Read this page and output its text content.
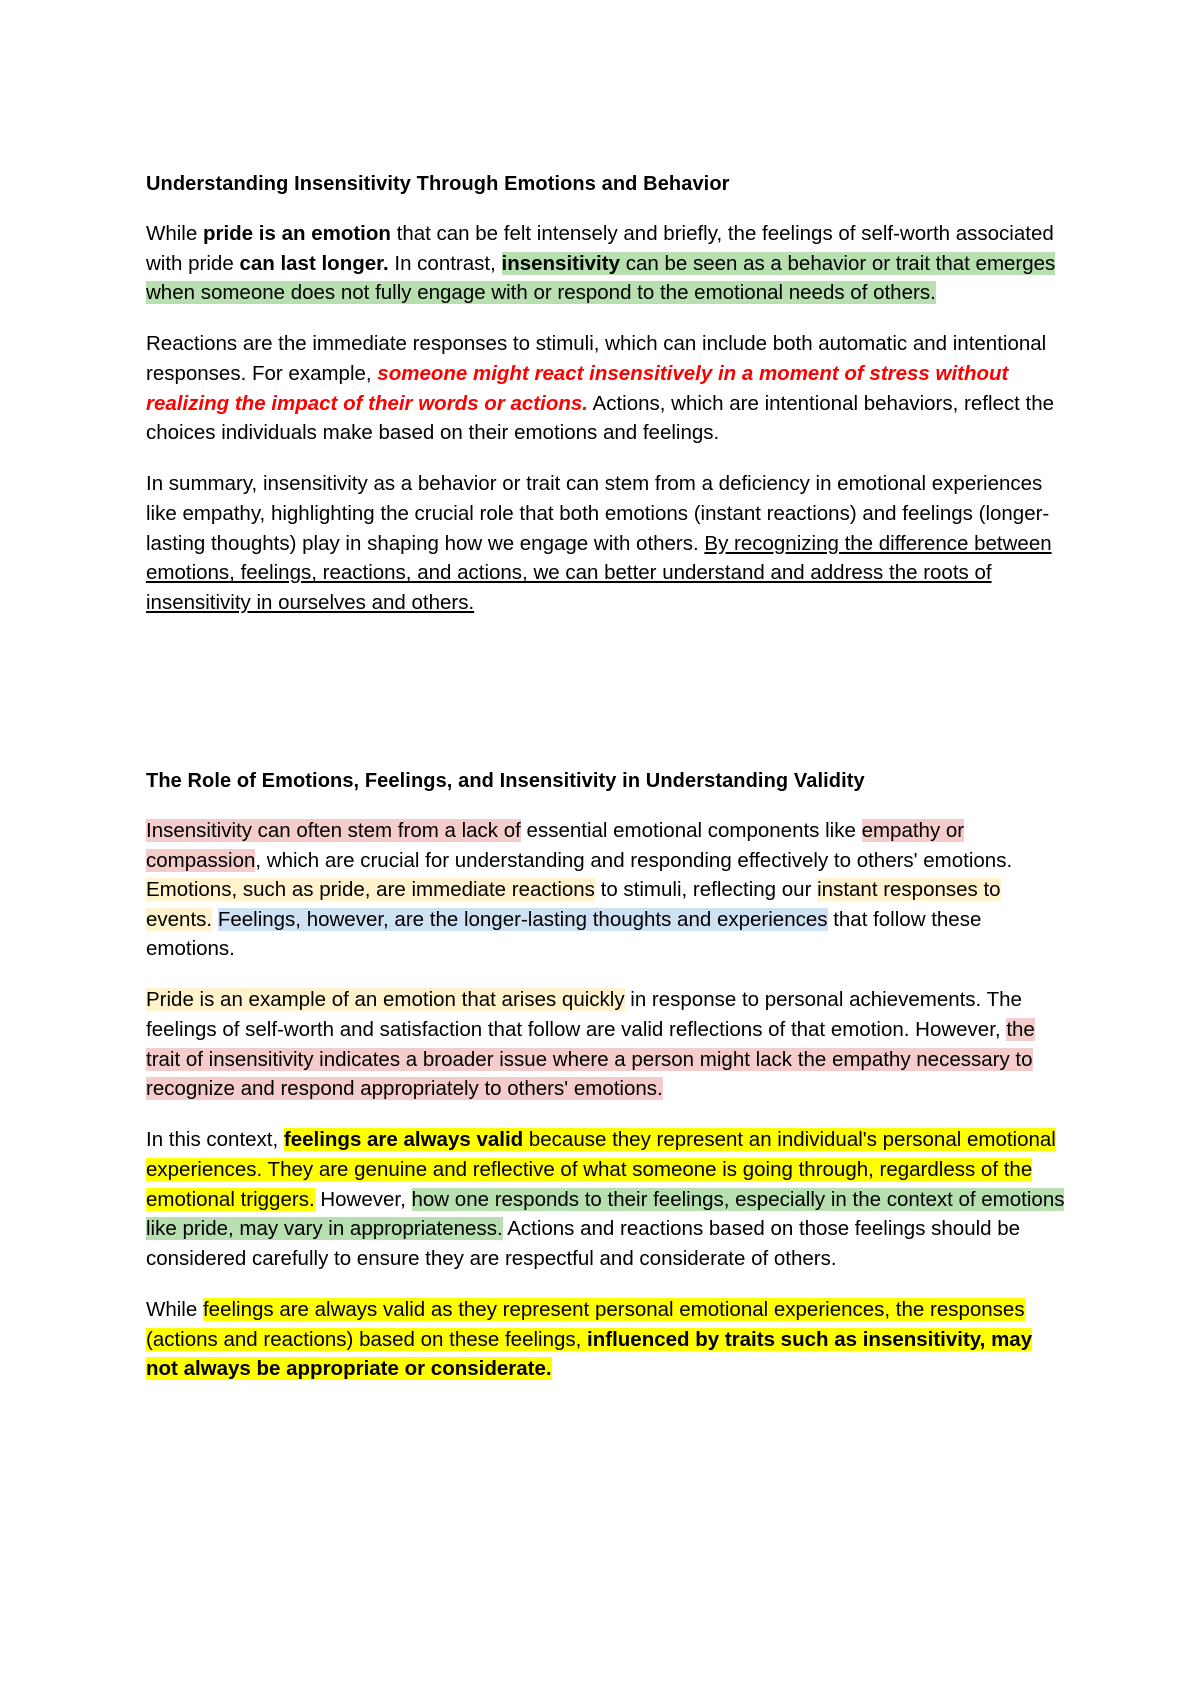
Understanding Insensitivity Through Emotions and Behavior

While pride is an emotion that can be felt intensely and briefly, the feelings of self-worth associated with pride can last longer. In contrast, insensitivity can be seen as a behavior or trait that emerges when someone does not fully engage with or respond to the emotional needs of others.

Reactions are the immediate responses to stimuli, which can include both automatic and intentional responses. For example, someone might react insensitively in a moment of stress without realizing the impact of their words or actions. Actions, which are intentional behaviors, reflect the choices individuals make based on their emotions and feelings.

In summary, insensitivity as a behavior or trait can stem from a deficiency in emotional experiences like empathy, highlighting the crucial role that both emotions (instant reactions) and feelings (longer-lasting thoughts) play in shaping how we engage with others. By recognizing the difference between emotions, feelings, reactions, and actions, we can better understand and address the roots of insensitivity in ourselves and others.

The Role of Emotions, Feelings, and Insensitivity in Understanding Validity

Insensitivity can often stem from a lack of essential emotional components like empathy or compassion, which are crucial for understanding and responding effectively to others' emotions. Emotions, such as pride, are immediate reactions to stimuli, reflecting our instant responses to events. Feelings, however, are the longer-lasting thoughts and experiences that follow these emotions.

Pride is an example of an emotion that arises quickly in response to personal achievements. The feelings of self-worth and satisfaction that follow are valid reflections of that emotion. However, the trait of insensitivity indicates a broader issue where a person might lack the empathy necessary to recognize and respond appropriately to others' emotions.

In this context, feelings are always valid because they represent an individual's personal emotional experiences. They are genuine and reflective of what someone is going through, regardless of the emotional triggers. However, how one responds to their feelings, especially in the context of emotions like pride, may vary in appropriateness. Actions and reactions based on those feelings should be considered carefully to ensure they are respectful and considerate of others.

While feelings are always valid as they represent personal emotional experiences, the responses (actions and reactions) based on these feelings, influenced by traits such as insensitivity, may not always be appropriate or considerate.
